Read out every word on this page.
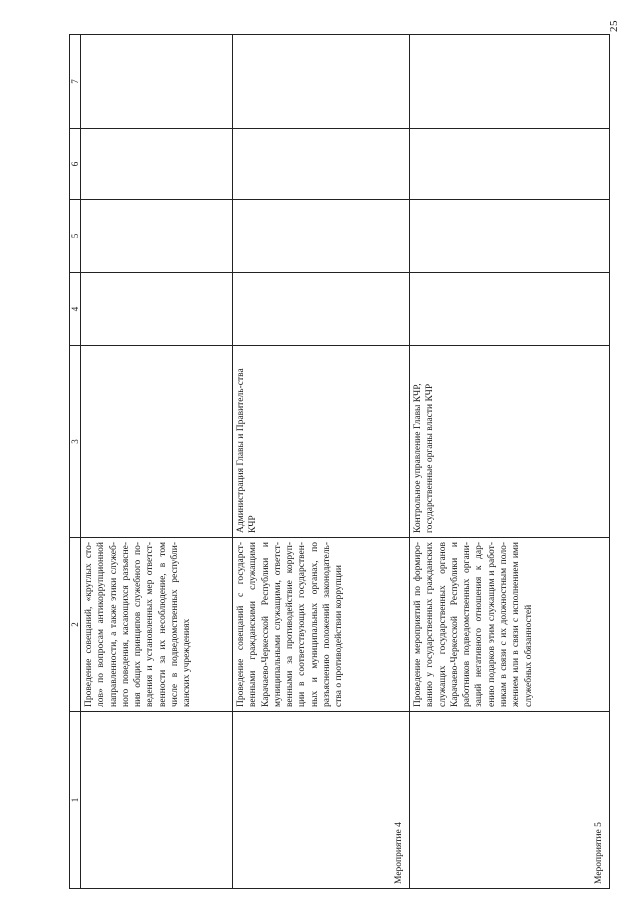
25
1	2	3	4	5	6	7
	Проведение совещаний, «круглых сто-лов» по вопросам антикоррупционной направленности, а также этики служеб-ного поведения, касающихся разъясне-ния общих принципов служебного по-ведения и установленных мер ответст-венности за их несоблюдение, в том числе в подведомственных республи-канских учреждениях					
Мероприятие 4	Проведение совещаний с государст-венными гражданскими служащими Карачаево-Черкесской Республики и муниципальными служащими, ответст-венными за противодействие корруп-ции в соответствующих государствен-ных и муниципальных органах, по разъяснению положений законодатель-ства о противодействии коррупции	Администрация Главы и Правитель-ства КЧР				
Мероприятие 5	Проведение мероприятий по формиро-ванию у государственных гражданских служащих государственных органов Карачаево-Черкесской Республики и работников подведомственных органи-заций негативного отношения к дар-ению подарков этим служащим и работ-никам в связи с их должностным поло-жением или в связи с исполнением ими служебных обязанностей	Контрольное управление Главы КЧР, государственные органы власти КЧР				
